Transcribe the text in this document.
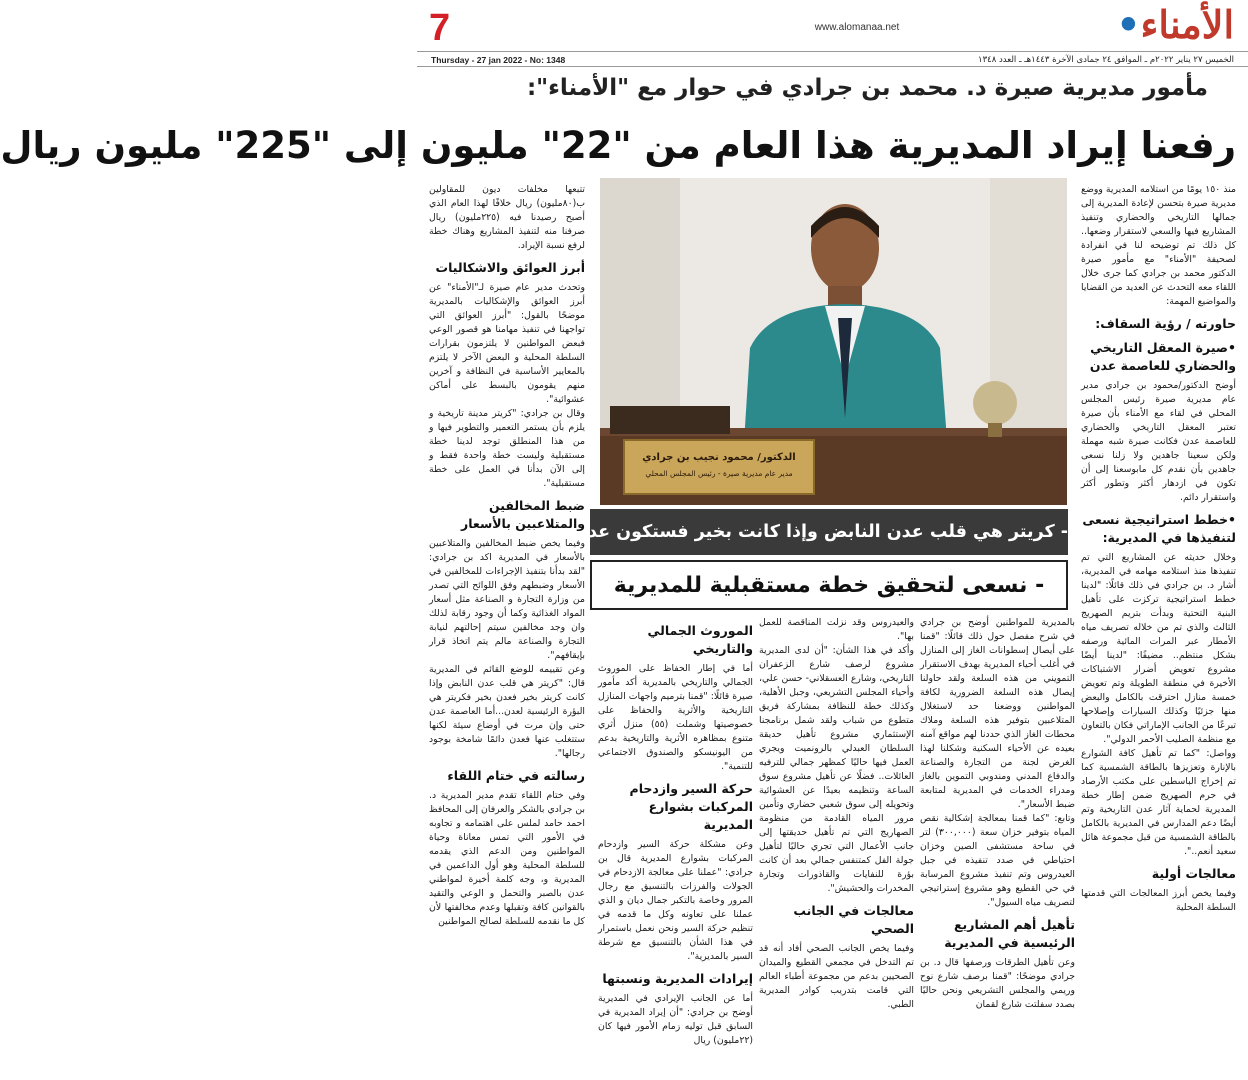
7	www.alomanaa.net	الأمناء•
Thursday - 27 jan 2022 - No: 1348	الخميس ٢٧ يناير ٢٠٢٢م ـ الموافق ٢٤ جمادى الآخرة ١٤٤٣هـ ـ العدد ١٣٤٨
مأمور مديرية صيرة د. محمد بن جرادي في حوار مع "الأمناء":
رفعنا إيراد المديرية هذا العام من "22" مليون إلى "225" مليون ريال

منذ ١٥٠ يومًا من استلامه المديرية ووضع مديرية صيرة بتحسن لإعادة المديرية إلى جمالها التاريخي والحضاري وتنفيذ المشاريع فيها والسعي لاستقرار وضعها.. كل ذلك تم توضيحه لنا في انفرادة لصحيفة "الأمناء" مع مأمور صيرة الدكتور محمد بن جرادي كما جرى خلال اللقاء معه التحدث عن العديد من القضايا والمواضيع المهمة:

حاورته / رؤية السقاف:
•صيرة المعقل التاريخي والحضاري للعاصمة عدن

أوضح الدكتور/محمود بن جرادي مدير عام مديرية صيرة رئيس المجلس المحلي في لقاء مع الأمناء بأن صيرة تعتبر المعقل التاريخي والحضاري للعاصمة عدن فكانت صيرة شبه مهملة ولكن سعينا جاهدين ولا زلنا نسعى جاهدين بأن نقدم كل مابوسعنا إلى أن تكون في ازدهار أكثر وتطور أكثر واستقرار دائم.

•خطط استراتيجية نسعى لتنفيذها في المديرية:

وخلال حديثه عن المشاريع التي تم تنفيذها منذ استلامه مهامه في المديرية، أشار د. بن جرادي في ذلك قائلًا: "لدينا خطط استراتيجية تركزت على تأهيل البنية التحتية وبدأت بتريم الصهريج الثالث والذي تم من خلاله تصريف مياه الأمطار عبر المرات المائية ورصفه بشكل منتظم.. مضيفًا: "لدينا أيضًا مشروع تعويض أضرار الاشتباكات الأخيرة في منطقة الطويلة وتم تعويض خمسة منازل احترقت بالكامل والبعض منها جزئيًا وكذلك السيارات وإصلاحها تبرعًا من الجانب الإماراتي فكان بالتعاون مع منظمة الصليب الأحمر الدولي".

وواصل: "كما تم تأهيل كافة الشوارع بالإنارة وتعزيزها بالطاقة الشمسية كما تم إخراج الباسطين على مكتب الأرصاد في حرم الصهريج ضمن إطار خطة المديرية لحماية آثار عدن التاريخية وتم أيضًا دعم المدارس في المديرية بالكامل بالطاقة الشمسية من قبل مجموعة هائل سعيد أنعم..".

معالجات أولية

وفيما يخص أبرز المعالجات التي قدمتها السلطة المحلية

الدكتور/ محمود نجيب بن جرادي
مدير عام مديرية صيرة - رئيس المجلس المحلي
- كريتر هي قلب عدن النابض وإذا كانت بخير فستكون عدن بخير
- نسعى لتحقيق خطة مستقبلية للمديرية

بالمديرية للمواطنين أوضح بن جرادي في شرح مفصل حول ذلك قائلًا: "قمنا على أيصال إسطوانات الغاز إلى المنازل في أغلب أحياء المديرية بهدف الاستقرار التمويني من هذه السلعة ولقد حاولنا إيصال هذه السلعة الضرورية لكافة المواطنين ووضعنا حد لاستغلال المتلاعبين بتوفير هذه السلعة وملاك محطات الغاز الذي حددنا لهم مواقع آمنه بعيده عن الأحياء السكنية وشكلنا لهذا الغرض لجنة من التجارة والصناعة والدفاع المدني ومندوبي التموين بالغاز ومدراء الخدمات في المديرية لمتابعة ضبط الأسعار".

وتابع: "كما قمنا بمعالجة إشكالية نقص المياه بتوفير خزان سعة (٣٠٠,٠٠٠) لتر في ساحة مستشفى الصين وخزان احتياطي في صدد تنفيذه في جبل العيدروس وتم تنفيذ مشروع المرسابة في حي القطيع وهو مشروع إستراتيجي لتصريف مياه السيول".

تأهيل أهم المشاريع الرئيسية في المديرية

وعن تأهيل الطرقات ورصفها قال د. بن جرادي موضحًا: "قمنا برصف شارع نوح وريمي والمجلس التشريعي ونحن حاليًا بصدد سفلتت شارع لقمان

والعيدروس وقد نزلت المناقصة للعمل بها".

وأكد في هذا الشأن: "أن لدى المديرية مشروع لرصف شارع الزعفران التاريخي، وشارع العسقلاني- حسن علي، وأحياء المجلس التشريعي، وجبل الأهلية، وكذلك خطة للنظافة بمشاركة فريق متطوع من شباب ولقد شمل برنامجنا الإستثماري مشروع تأهيل حديقة السلطان العبدلي بالرونميت ويجري العمل فيها حاليًا كمظهر جمالي للترفيه العائلات.. فضلًا عن تأهيل مشروع سوق الساعة وتنظيمه بعيدًا عن العشوائية وتحويله إلى سوق شعبي حضاري وتأمين مرور المياه القادمة من منظومة الصهاريج التي تم تأهيل حديقتها إلى جانب الأعمال التي تجري حاليًا لتأهيل جولة الفل كمتنفس جمالي بعد أن كانت بؤرة للنفايات والقاذورات وتجارة المخدرات والحشيش".

معالجات في الجانب الصحي

وفيما يخص الجانب الصحي أفاد أنه قد تم التدخل في مجمعي القطيع والميدان الصحيين بدعم من مجموعة أطباء العالم التي قامت بتدريب كوادر المديرية الطبي.

الموروث الجمالي والتاريخي

أما في إطار الحفاظ على الموروث الجمالي والتاريخي بالمديرية أكد مأمور صيرة قائلًا: "قمنا بترميم واجهات المنازل التاريخية والأثرية والحفاظ على خصوصيتها وشملت (٥٥) منزل أثري متنوع بمظاهره الأثرية والتاريخية بدعم من اليونيسكو والصندوق الاجتماعي للتنمية".

حركة السير وازدحام المركبات بشوارع المديرية

وعن مشكلة حركة السير وازدحام المركبات بشوارع المديرية قال بن جرادي: "عملنا على معالجة الازدحام في الجولات والفرزات بالتنسيق مع رجال المرور وخاصة بالتكبر جمال ديان و الذي عملنا على تعاونه وكل ما قدمه في تنظيم حركة السير ونحن نعمل باستمرار في هذا الشأن بالتنسيق مع شرطة السير بالمديرية".

إيرادات المديرية ونسبتها

أما عن الجانب الإيرادي في المديرية أوضح بن جرادي: "أن إيراد المديرية في السابق قبل توليه زمام الأمور فيها كان (٢٢مليون) ريال

تتبعها مخلفات ديون للمقاولين ب(٨٠مليون) ريال خلافًا لهذا العام الذي أصبح رصيدنا فيه (٢٢٥مليون) ريال صرفنا منه لتنفيذ المشاريع وهناك خطة لرفع نسبة الإيراد.

أبرز العوائق والاشكاليات

وتحدث مدير عام صيرة لـ"الأمناء" عن أبرز العوائق والإشكاليات بالمديرية موضحًا بالقول: "أبرز العوائق التي تواجهنا في تنفيذ مهامنا هو قصور الوعي فبعض المواطنين لا يلتزمون بقرارات السلطة المحلية و البعض الآخر لا يلتزم بالمعايير الأساسية في النظافة و آخرين منهم يقومون بالبسط على أماكن عشوائية".

وقال بن جرادي: "كريتر مدينة تاريخية و يلزم بأن يستمر التعمير والتطوير فيها و من هذا المنطلق توجد لدينا خطة مستقبلية وليست خطة واحدة فقط و إلى الآن بدأنا في العمل على خطة مستقبلية".

ضبط المخالفين والمتلاعبين بالأسعار

وفيما يخص ضبط المخالفين والمتلاعبين بالأسعار في المديرية اكد بن جرادي: "لقد بدأنا بتنفيذ الإجراءات للمخالفين في الأسعار وضبطهم وفق اللوائح التي تصدر من وزارة التجارة و الصناعة مثل أسعار المواد الغذائية وكما أن وجود رقابة لذلك وان وجد مخالفين سيتم إحالتهم لنيابة التجارة والصناعة مالم يتم اتخاذ قرار بإيقافهم".

وعن تقييمه للوضع القائم في المديرية قال: "كريتر هي قلب عدن النابض وإذا كانت كريتر بخير فعدن بخير فكريتر هي البؤرة الرئيسية لعدن...أما العاصمة عدن حتى وإن مرت في أوضاع سيئة لكنها ستتغلب عنها فعدن دائمًا شامخة بوجود رجالها".

رسالته في ختام اللقاء

وفي ختام اللقاء تقدم مدير المديرية د. بن جرادي بالشكر والعرفان إلى المحافظ احمد حامد لملس على اهتمامه و تجاوبه في الأمور التي تمس معاناة وحياة المواطنين ومن الدعم الذي يقدمه للسلطة المحلية وهو أول الداعمين في المديرية و، وجه كلمة أخيرة لمواطني عدن بالصبر والتحمل و الوعي والتقيد بالقوانين كافة وتقبلها وعدم مخالفتها لأن كل ما نقدمه للسلطة لصالح المواطنين
